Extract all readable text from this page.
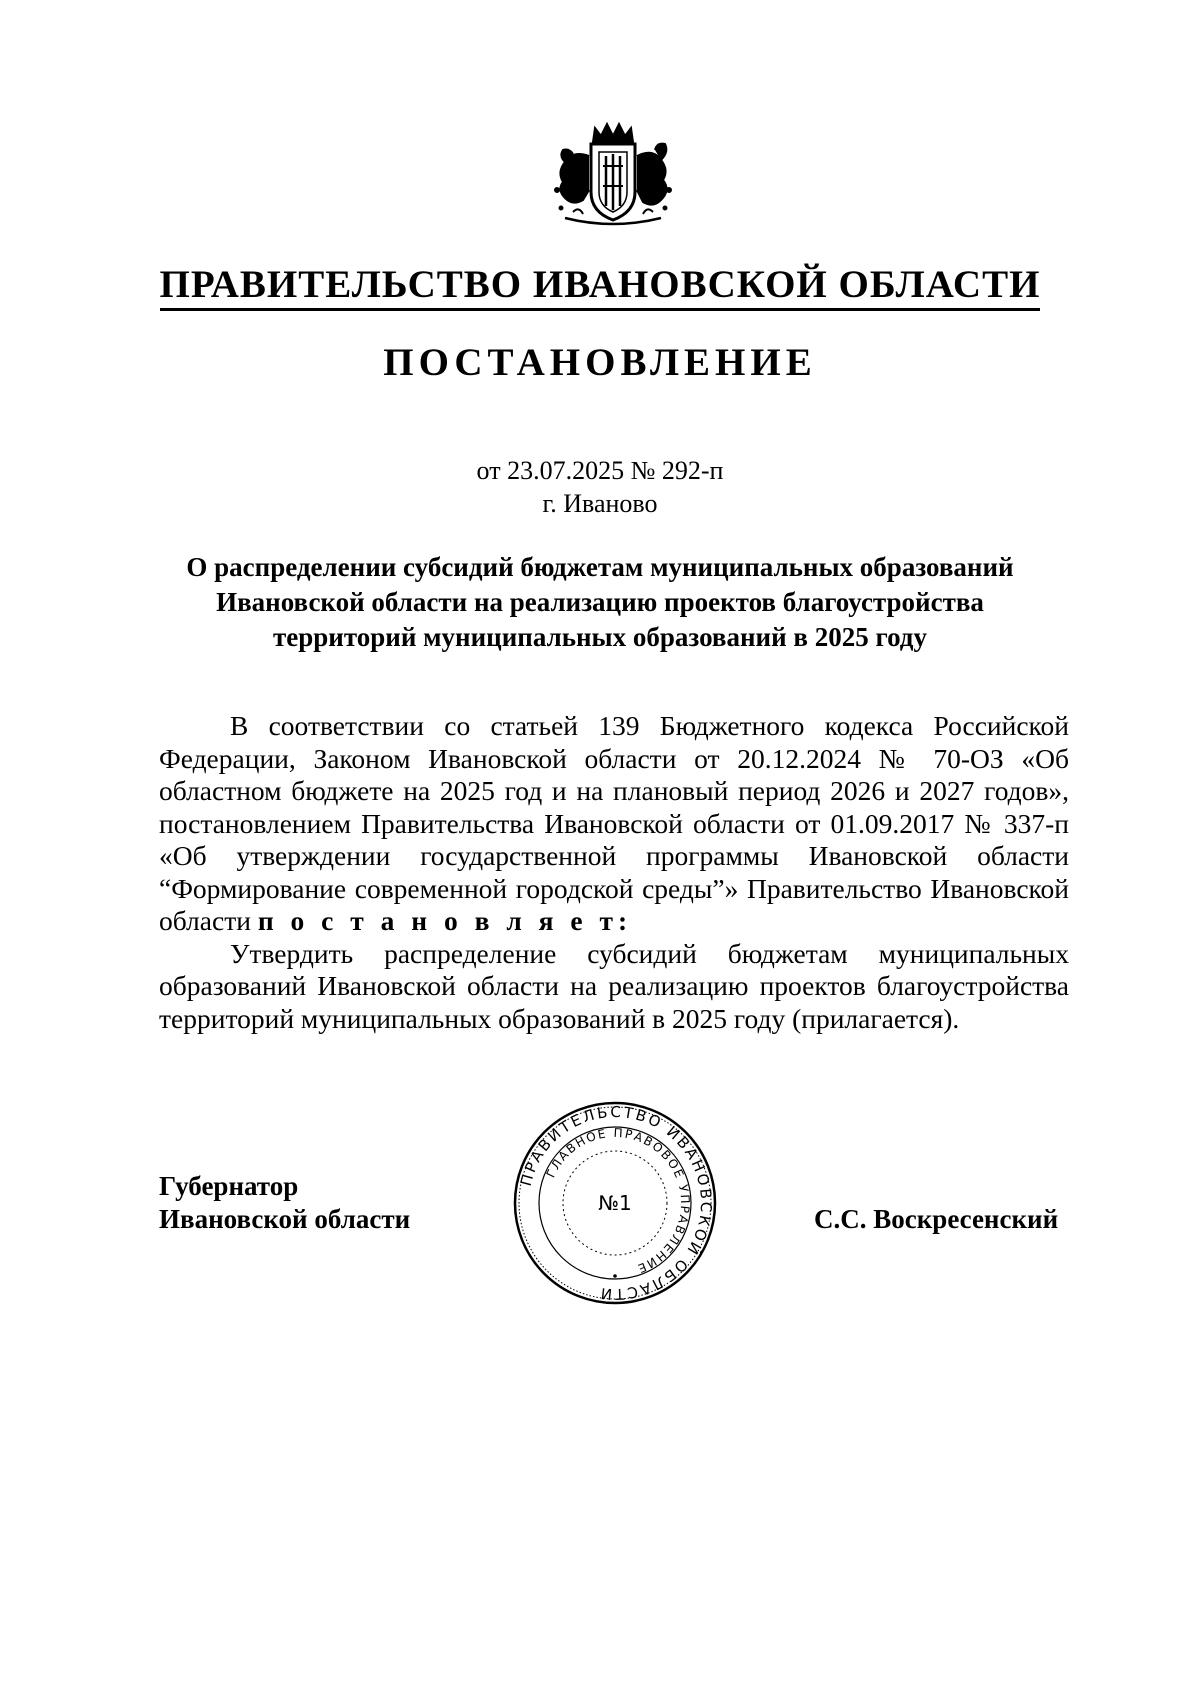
ПРАВИТЕЛЬСТВО ИВАНОВСКОЙ ОБЛАСТИ
ПОСТАНОВЛЕНИЕ
от 23.07.2025 № 292-п
г. Иваново
О распределении субсидий бюджетам муниципальных образований
Ивановской области на реализацию проектов благоустройства
территорий муниципальных образований в 2025 году

В соответствии со статьей 139 Бюджетного кодекса Российской Федерации, Законом Ивановской области от 20.12.2024 № 70-ОЗ «Об областном бюджете на 2025 год и на плановый период 2026 и 2027 годов», постановлением Правительства Ивановской области от 01.09.2017 № 337-п «Об утверждении государственной программы Ивановской области “Формирование современной городской среды”» Правительство Ивановской области п о с т а н о в л я е т:

Утвердить распределение субсидий бюджетам муниципальных образований Ивановской области на реализацию проектов благоустройства территорий муниципальных образований в 2025 году (прилагается).

Губернатор
Ивановской области	С.С. Воскресенский
ПРАВИТЕЛЬСТВО ИВАНОВСКОЙ ОБЛАСТИ
ГЛАВНОЕ ПРАВОВОЕ УПРАВЛЕНИЕ
№1
